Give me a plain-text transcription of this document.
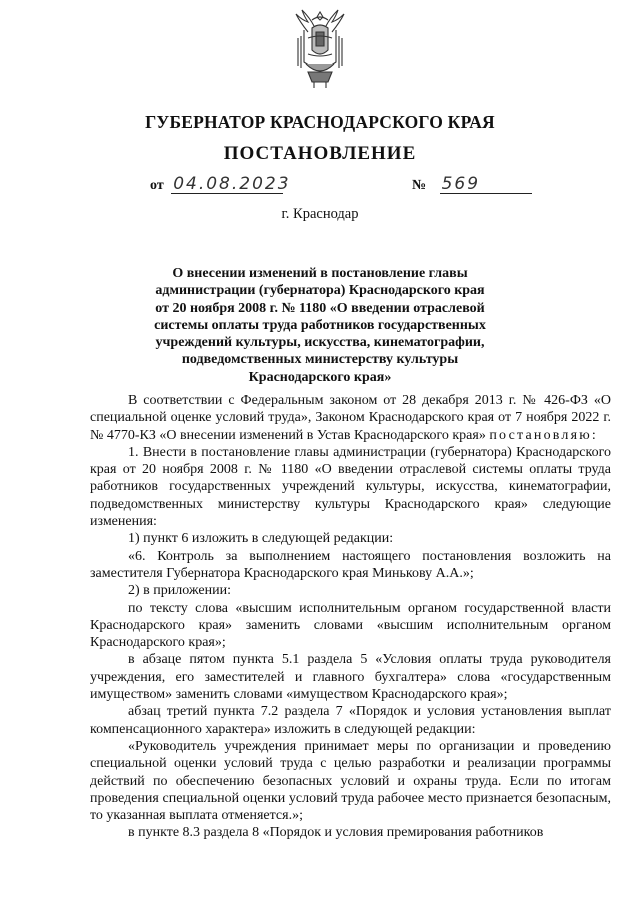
ГУБЕРНАТОР КРАСНОДАРСКОГО КРАЯ
ПОСТАНОВЛЕНИЕ
от 04.08.2023	№ 569
г. Краснодар
О внесении изменений в постановление главы
администрации (губернатора) Краснодарского края
от 20 ноября 2008 г. № 1180 «О введении отраслевой
системы оплаты труда работников государственных
учреждений культуры, искусства, кинематографии,
подведомственных министерству культуры
Краснодарского края»

В соответствии с Федеральным законом от 28 декабря 2013 г. № 426-ФЗ «О специальной оценке условий труда», Законом Краснодарского края от 7 ноября 2022 г. № 4770-КЗ «О внесении изменений в Устав Краснодарского края» постановляю:

1. Внести в постановление главы администрации (губернатора) Краснодарского края от 20 ноября 2008 г. № 1180 «О введении отраслевой системы оплаты труда работников государственных учреждений культуры, искусства, кинематографии, подведомственных министерству культуры Краснодарского края» следующие изменения:

1) пункт 6 изложить в следующей редакции:

«6. Контроль за выполнением настоящего постановления возложить на заместителя Губернатора Краснодарского края Минькову А.А.»;

2) в приложении:

по тексту слова «высшим исполнительным органом государственной власти Краснодарского края» заменить словами «высшим исполнительным органом Краснодарского края»;

в абзаце пятом пункта 5.1 раздела 5 «Условия оплаты труда руководителя учреждения, его заместителей и главного бухгалтера» слова «государственным имуществом» заменить словами «имуществом Краснодарского края»;

абзац третий пункта 7.2 раздела 7 «Порядок и условия установления выплат компенсационного характера» изложить в следующей редакции:

«Руководитель учреждения принимает меры по организации и проведению специальной оценки условий труда с целью разработки и реализации программы действий по обеспечению безопасных условий и охраны труда. Если по итогам проведения специальной оценки условий труда рабочее место признается безопасным, то указанная выплата отменяется.»;

в пункте 8.3 раздела 8 «Порядок и условия премирования работников
